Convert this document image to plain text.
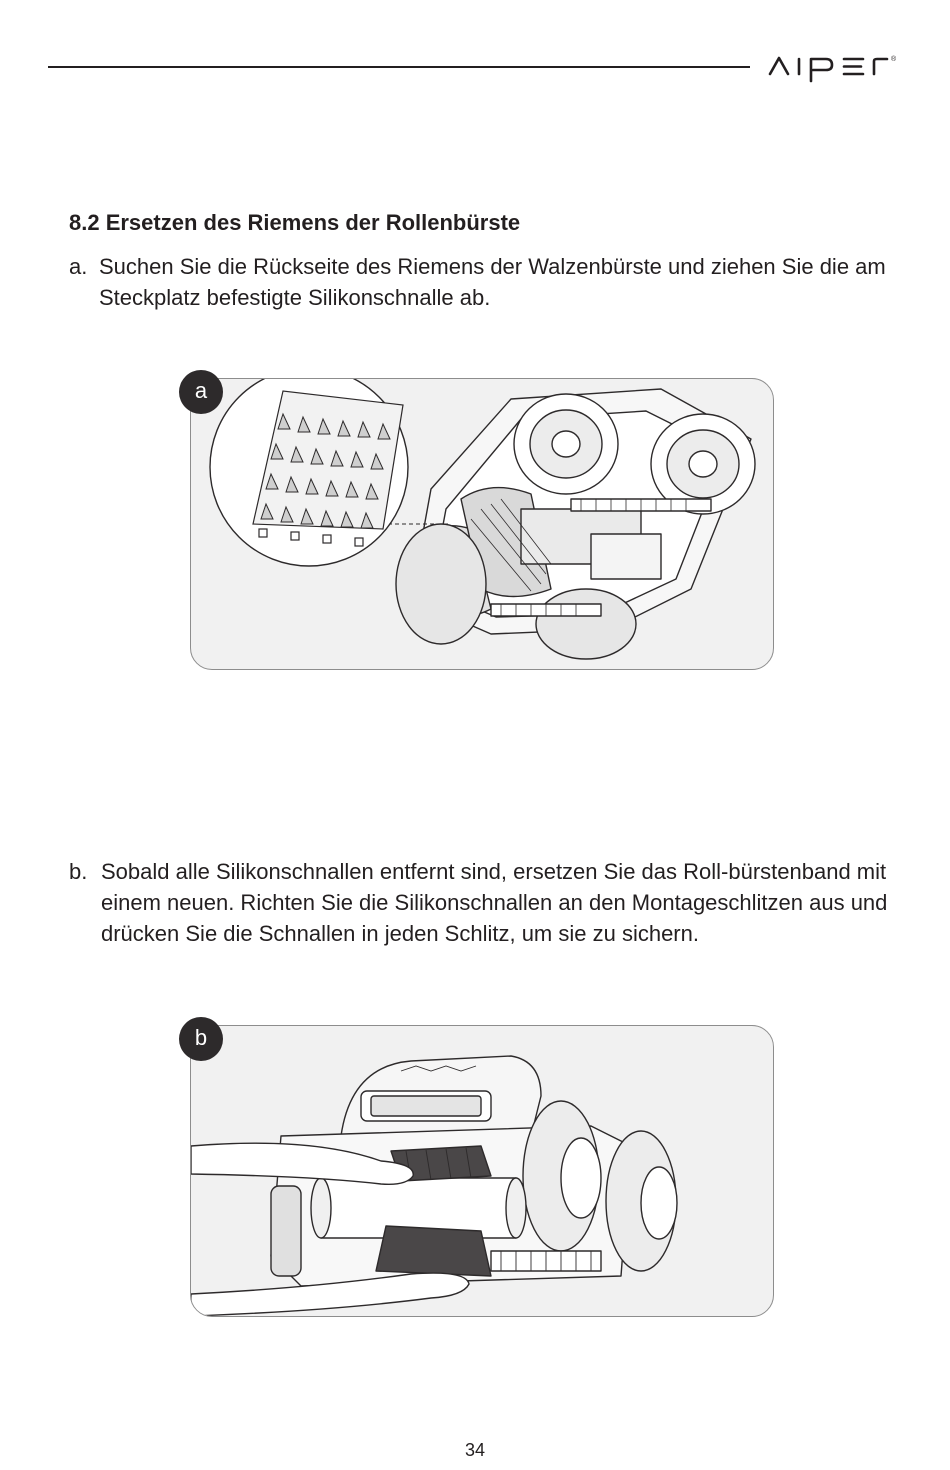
®
8.2 Ersetzen des Riemens der Rollenbürste

a. Suchen Sie die Rückseite des Riemens der Walzenbürste und ziehen Sie die am Steckplatz befestigte Silikonschnalle ab.

a

b. Sobald alle Silikonschnallen entfernt sind, ersetzen Sie das Roll-bürstenband mit einem neuen. Richten Sie die Silikonschnallen an den Montageschlitzen aus und drücken Sie die Schnallen in jeden Schlitz, um sie zu sichern.

b
34
